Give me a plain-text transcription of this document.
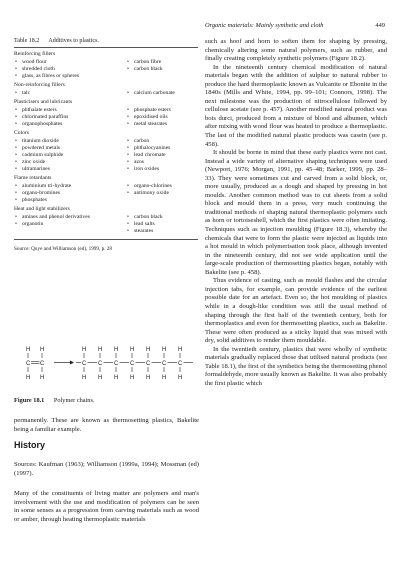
Organic materials: Mainly synthetic and cloth	449
Table 18.2 Additives to plastics.
Reinforcing fillers
• wood flour
• shredded cloth
• glass, as fibres or spheres
• carbon fibre
• carbon black
Non-reinforcing fillers
• talc
•	calcium carbonate
Plasticisers and lubricants
• phthalate esters
• chlorinated paraffins
• organophosphates
• phosphate esters
• epoxidised oils
• metal stearates
Colors
• titanium dioxide
• powdered metals
• cadmium sulphide
• zinc oxide
• ultramarines
• carbon
• phthalocyanines
• lead chromate
• azos
• iron oxides
Flame retardants
• aluminium tri-hydrate
• organo-bromines
• phosphates
• organo-chlorines
• antimony oxide
Heat and light stabilizers
• amines and phenol derivatives
• organotin
• carbon black
• lead salts
• stearates
Source: Quye and Williamson (ed), 1999, p. 28
H H
C C
H H
H
C
H
H
C
H
H
C
H
H
C
H
H
C
H
H
C
H
H
C
H
Figure 18.1 Polymer chains.
permanently. These are known as thermosetting plastics, Bakelite being a familiar example.
History
Sources: Kaufman (1963); Williamson (1999a, 1994); Mossman (ed) (1997).
Many of the constituents of living matter are polymers and man's involvement with the use and modification of polymers can be seen in some senses as a progression from carving materials such as wood or amber, through heating thermoplastic materials

such as hoof and horn to soften them for shaping by pressing, chemically altering some natural polymers, such as rubber, and finally creating completely synthetic polymers (Figure 18.2).

In the nineteenth century chemical modification of natural materials began with the addition of sulphur to natural rubber to produce the hard thermoplastic known as Vulcanite or Ebonite in the 1840s (Mills and White, 1994, pp. 99–101; Connors, 1998). The next milestone was the production of nitrocellulose followed by cellulose acetate (see p. 457). Another modified natural product was bois durci, produced from a mixture of blood and albumen, which after mixing with wood flour was heated to produce a thermoplastic. The last of the modified natural plastic products was casein (see p. 458).

It should be borne in mind that these early plastics were not cast. Instead a wide variety of alternative shaping techniques were used (Newport, 1976; Morgan, 1991, pp. 45–48; Barker, 1999, pp. 28–33). They were sometimes cut and carved from a solid block, or, more usually, produced as a dough and shaped by pressing in hot moulds. Another common method was to cut sheets from a solid block and mould them in a press, very much continuing the traditional methods of shaping natural thermoplastic polymers such as horn or tortoiseshell, which the first plastics were often imitating. Techniques such as injection moulding (Figure 18.3), whereby the chemicals that were to form the plastic were injected as liquids into a hot mould in which polymerisation took place, although invented in the nineteenth century, did not see wide application until the large-scale production of thermosetting plastics began, notably with Bakelite (see p. 458).

Thus evidence of casting, such as mould flashes and the circular injection tabs, for example, can provide evidence of the earliest possible date for an artefact. Even so, the hot moulding of plastics while in a dough-like condition was still the usual method of shaping through the first half of the twentieth century, both for thermoplastics and even for thermosetting plastics, such as Bakelite. These were often produced as a sticky liquid that was mixed with dry, solid additives to render them mouldable.

In the twentieth century, plastics that were wholly of synthetic materials gradually replaced those that utilised natural products (see Table 18.1), the first of the synthetics being the thermosetting phenol formaldehyde, more usually known as Bakelite. It was also probably the first plastic which
